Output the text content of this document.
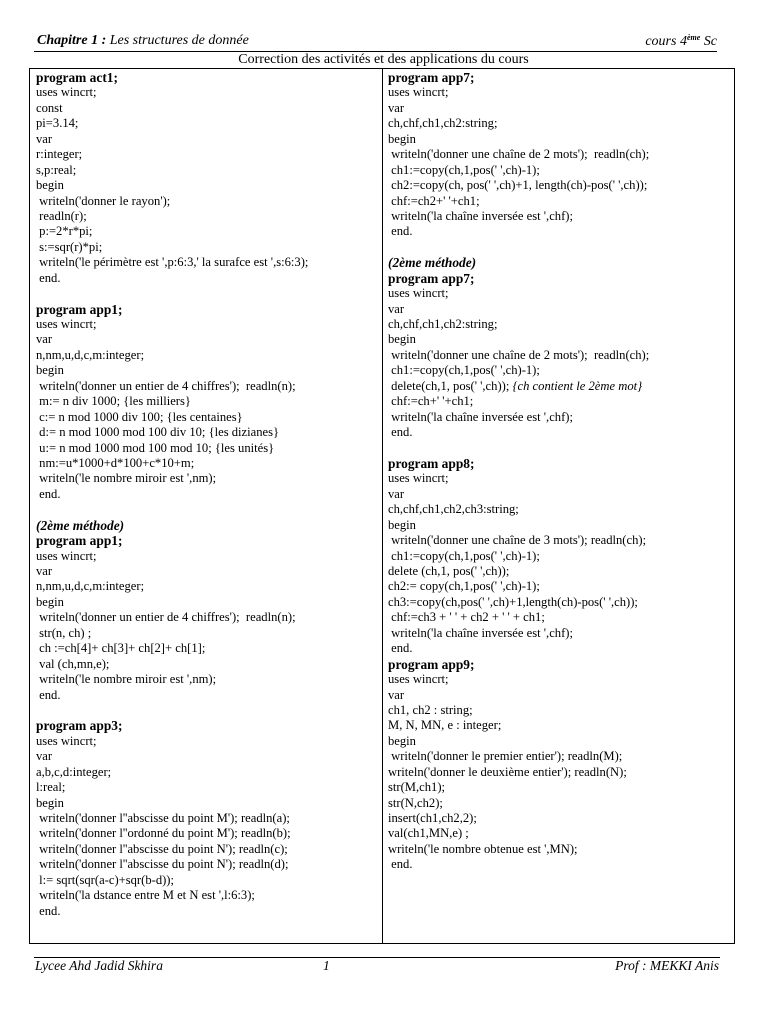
Chapitre 1 : Les structures de donnée	cours 4ème Sc
Correction des activités et des applications du cours
program act1;
uses wincrt;
const
pi=3.14;
var
r:integer;
s,p:real;
begin
writeln('donner le rayon');
readln(r);
p:=2*r*pi;
s:=sqr(r)*pi;
writeln('le périmètre est ',p:6:3,' la surafce est ',s:6:3);
end.
program app1;
uses wincrt;
var
n,nm,u,d,c,m:integer;
begin
writeln('donner un entier de 4 chiffres');  readln(n);
m:= n div 1000; {les milliers}
c:= n mod 1000 div 100; {les centaines}
d:= n mod 1000 mod 100 div 10; {les dizianes}
u:= n mod 1000 mod 100 mod 10; {les unités}
nm:=u*1000+d*100+c*10+m;
writeln('le nombre miroir est ',nm);
end.
(2ème méthode)
program app1;
uses wincrt;
var
n,nm,u,d,c,m:integer;
begin
writeln('donner un entier de 4 chiffres');  readln(n);
str(n, ch) ;
ch :=ch[4]+ ch[3]+ ch[2]+ ch[1];
val (ch,mn,e);
writeln('le nombre miroir est ',nm);
end.
program app3;
uses wincrt;
var
a,b,c,d:integer;
l:real;
begin
writeln('donner l''abscisse du point M'); readln(a);
writeln('donner l''ordonné du point M'); readln(b);
writeln('donner l''abscisse du point N'); readln(c);
writeln('donner l''abscisse du point N'); readln(d);
l:= sqrt(sqr(a-c)+sqr(b-d));
writeln('la dstance entre M et N est ',l:6:3);
end.
program app7;
uses wincrt;
var
ch,chf,ch1,ch2:string;
begin
writeln('donner une chaîne de 2 mots');  readln(ch);
ch1:=copy(ch,1,pos(' ',ch)-1);
ch2:=copy(ch, pos(' ',ch)+1, length(ch)-pos(' ',ch));
chf:=ch2+' '+ch1;
writeln('la chaîne inversée est ',chf);
end.
(2ème méthode)
program app7;
uses wincrt;
var
ch,chf,ch1,ch2:string;
begin
writeln('donner une chaîne de 2 mots');  readln(ch);
ch1:=copy(ch,1,pos(' ',ch)-1);
delete(ch,1, pos(' ',ch)); {ch contient le 2ème mot}
chf:=ch+' '+ch1;
writeln('la chaîne inversée est ',chf);
end.
program app8;
uses wincrt;
var
ch,chf,ch1,ch2,ch3:string;
begin
writeln('donner une chaîne de 3 mots'); readln(ch);
ch1:=copy(ch,1,pos(' ',ch)-1);
delete (ch,1, pos(' ',ch));
ch2:= copy(ch,1,pos(' ',ch)-1);
ch3:=copy(ch,pos(' ',ch)+1,length(ch)-pos(' ',ch));
chf:=ch3 + ' ' + ch2 + ' ' + ch1;
writeln('la chaîne inversée est ',chf);
end.
program app9;
uses wincrt;
var
ch1, ch2 : string;
M, N, MN, e : integer;
begin
writeln('donner le premier entier'); readln(M);
writeln('donner le deuxième entier'); readln(N);
str(M,ch1);
str(N,ch2);
insert(ch1,ch2,2);
val(ch1,MN,e) ;
writeln('le nombre obtenue est ',MN);
end.
Lycee Ahd Jadid Skhira	1	Prof : MEKKI Anis
